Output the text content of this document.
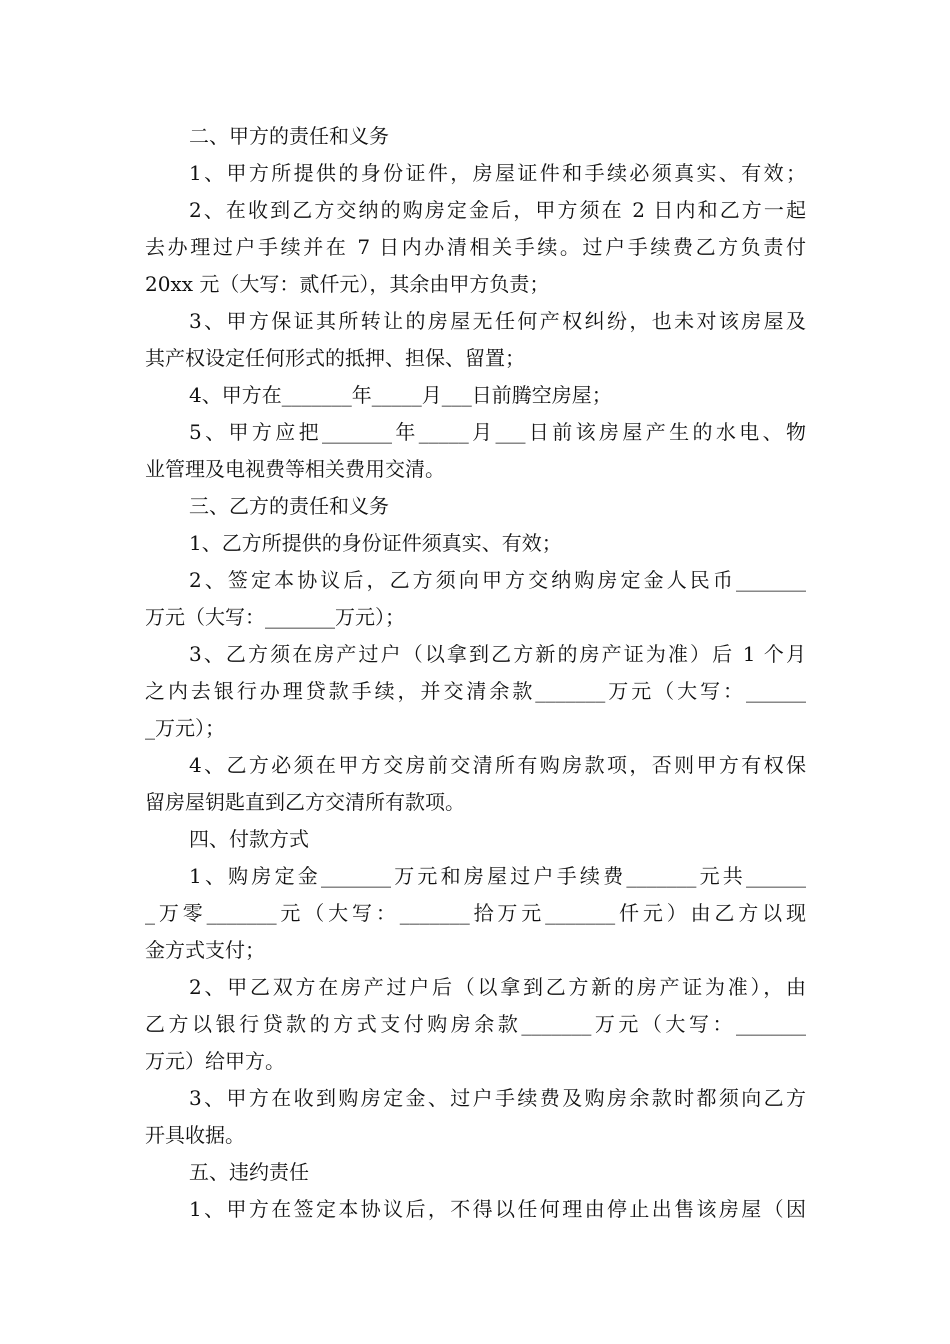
二、甲方的责任和义务
1、甲方所提供的身份证件，房屋证件和手续必须真实、有效；
2、在收到乙方交纳的购房定金后，甲方须在 2 日内和乙方一起
去办理过户手续并在 7 日内办清相关手续。过户手续费乙方负责付
20xx 元（大写：贰仟元），其余由甲方负责；
3、甲方保证其所转让的房屋无任何产权纠纷，也未对该房屋及
其产权设定任何形式的抵押、担保、留置；
4、甲方在_______年_____月___日前腾空房屋；
5、甲方应把_______年_____月___日前该房屋产生的水电、物
业管理及电视费等相关费用交清。
三、乙方的责任和义务
1、乙方所提供的身份证件须真实、有效；
2、签定本协议后，乙方须向甲方交纳购房定金人民币_______
万元（大写：_______万元）；
3、乙方须在房产过户（以拿到乙方新的房产证为准）后 1 个月
之内去银行办理贷款手续，并交清余款_______万元（大写：______
_万元）；
4、乙方必须在甲方交房前交清所有购房款项，否则甲方有权保
留房屋钥匙直到乙方交清所有款项。
四、付款方式
1、购房定金_______万元和房屋过户手续费_______元共______
_万零_______元（大写：_______拾万元_______仟元）由乙方以现
金方式支付；
2、甲乙双方在房产过户后（以拿到乙方新的房产证为准），由
乙方以银行贷款的方式支付购房余款_______万元（大写：_______
万元）给甲方。
3、甲方在收到购房定金、过户手续费及购房余款时都须向乙方
开具收据。
五、违约责任
1、甲方在签定本协议后，不得以任何理由停止出售该房屋（因
